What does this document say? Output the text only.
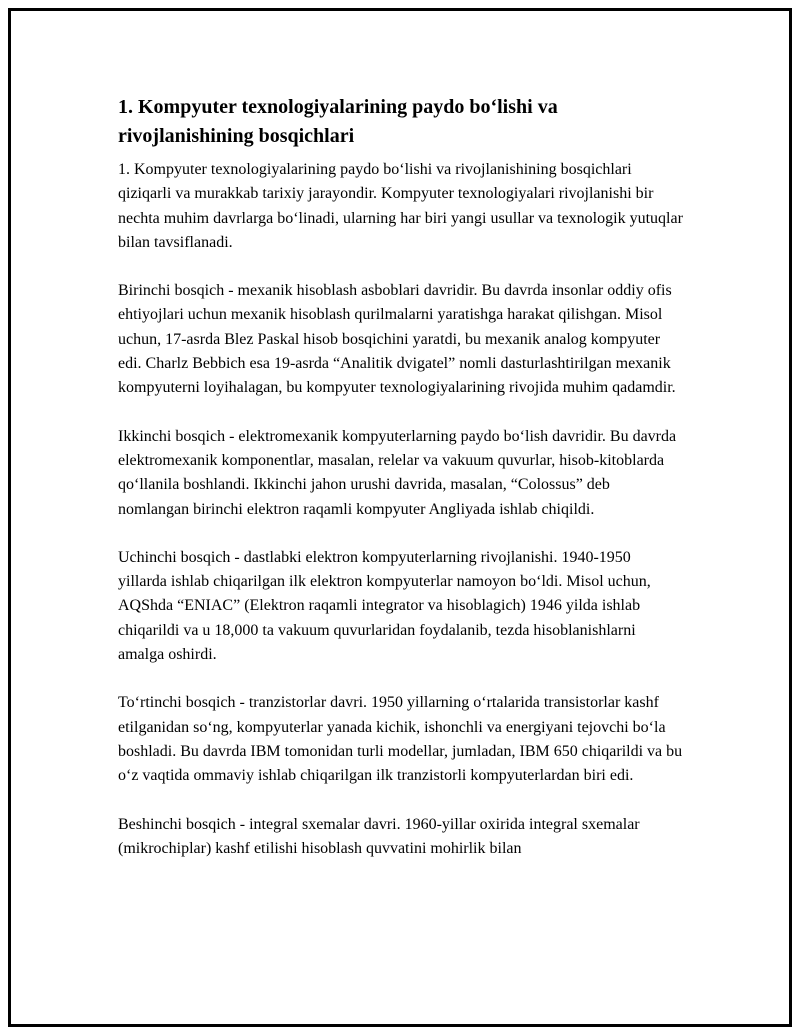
1. Kompyuter texnologiyalarining paydo bo‘lishi va rivojlanishining bosqichlari

1. Kompyuter texnologiyalarining paydo bo‘lishi va rivojlanishining bosqichlari qiziqarli va murakkab tarixiy jarayondir. Kompyuter texnologiyalari rivojlanishi bir nechta muhim davrlarga bo‘linadi, ularning har biri yangi usullar va texnologik yutuqlar bilan tavsiflanadi.

Birinchi bosqich - mexanik hisoblash asboblari davridir. Bu davrda insonlar oddiy ofis ehtiyojlari uchun mexanik hisoblash qurilmalarni yaratishga harakat qilishgan. Misol uchun, 17-asrda Blez Paskal hisob bosqichini yaratdi, bu mexanik analog kompyuter edi. Charlz Bebbich esa 19-asrda “Analitik dvigatel” nomli dasturlashtirilgan mexanik kompyuterni loyihalagan, bu kompyuter texnologiyalarining rivojida muhim qadamdir.

Ikkinchi bosqich - elektromexanik kompyuterlarning paydo bo‘lish davridir. Bu davrda elektromexanik komponentlar, masalan, relelar va vakuum quvurlar, hisob-kitoblarda qo‘llanila boshlandi. Ikkinchi jahon urushi davrida, masalan, “Colossus” deb nomlangan birinchi elektron raqamli kompyuter Angliyada ishlab chiqildi.

Uchinchi bosqich - dastlabki elektron kompyuterlarning rivojlanishi. 1940-1950 yillarda ishlab chiqarilgan ilk elektron kompyuterlar namoyon bo‘ldi. Misol uchun, AQShda “ENIAC” (Elektron raqamli integrator va hisoblagich) 1946 yilda ishlab chiqarildi va u 18,000 ta vakuum quvurlaridan foydalanib, tezda hisoblanishlarni amalga oshirdi.

To‘rtinchi bosqich - tranzistorlar davri. 1950 yillarning o‘rtalarida transistorlar kashf etilganidan so‘ng, kompyuterlar yanada kichik, ishonchli va energiyani tejovchi bo‘la boshladi. Bu davrda IBM tomonidan turli modellar, jumladan, IBM 650 chiqarildi va bu o‘z vaqtida ommaviy ishlab chiqarilgan ilk tranzistorli kompyuterlardan biri edi.

Beshinchi bosqich - integral sxemalar davri. 1960-yillar oxirida integral sxemalar (mikrochiplar) kashf etilishi hisoblash quvvatini mohirlik bilan
